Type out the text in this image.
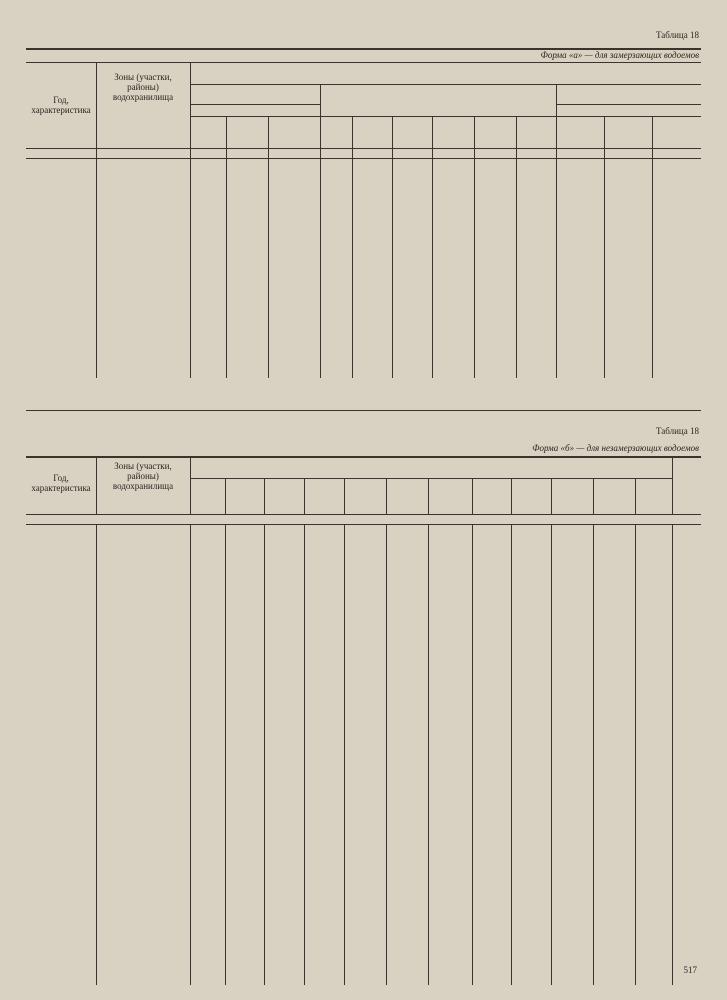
Таблица 18
Форма «а» — для замерзающих водоемов
Год,
характеристика
Зоны (участки,
районы)
водохранилища
Таблица 18
Форма «б» — для незамерзающих водоемов
Год,
характеристика
Зоны (участки,
районы)
водохранилища
517
